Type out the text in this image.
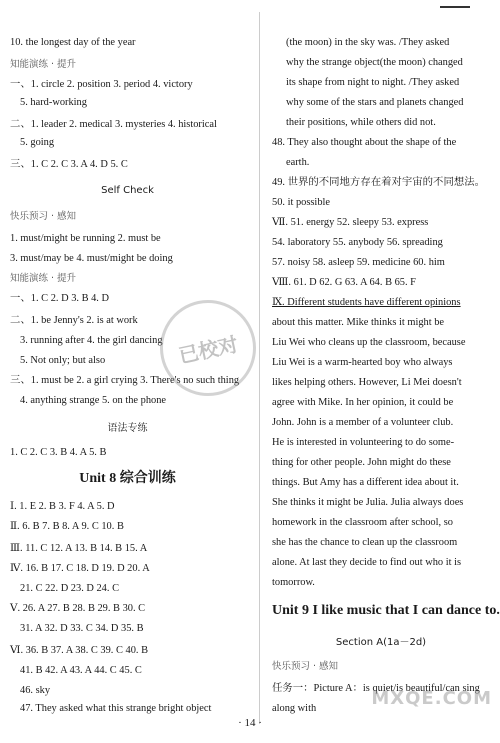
10. the longest day of the year
知能演练 · 提升
一、1. circle 2. position 3. period 4. victory
5. hard-working
二、1. leader 2. medical 3. mysteries 4. historical
5. going
三、1. C 2. C 3. A 4. D 5. C
Self Check
快乐预习 · 感知
1. must/might be running 2. must be
3. must/may be 4. must/might be doing
知能演练 · 提升
一、1. C 2. D 3. B 4. D
二、1. be Jenny's 2. is at work
3. running after 4. the girl dancing
5. Not only; but also
三、1. must be 2. a girl crying 3. There's no such thing
4. anything strange 5. on the phone
语法专练
1. C 2. C 3. B 4. A 5. B
Unit 8 综合训练
Ⅰ. 1. E 2. B 3. F 4. A 5. D
Ⅱ. 6. B 7. B 8. A 9. C 10. B
Ⅲ. 11. C 12. A 13. B 14. B 15. A
Ⅳ. 16. B 17. C 18. D 19. D 20. A
21. C 22. D 23. D 24. C
Ⅴ. 26. A 27. B 28. B 29. B 30. C
31. A 32. D 33. C 34. D 35. B
Ⅵ. 36. B 37. A 38. C 39. C 40. B
41. B 42. A 43. A 44. C 45. C
46. sky
47. They asked what this strange bright object
(the moon) in the sky was. /They asked
why the strange object(the moon) changed
its shape from night to night. /They asked
why some of the stars and planets changed
their positions, while others did not.
48. They also thought about the shape of the
earth.
49. 世界的不同地方存在着对宇宙的不同想法。
50. it possible
Ⅶ. 51. energy 52. sleepy 53. express
54. laboratory 55. anybody 56. spreading
57. noisy 58. asleep 59. medicine 60. him
Ⅷ. 61. D 62. G 63. A 64. B 65. F
Ⅸ. Different students have different opinions
about this matter. Mike thinks it might be
Liu Wei who cleans up the classroom, because
Liu Wei is a warm-hearted boy who always
likes helping others. However, Li Mei doesn't
agree with Mike. In her opinion, it could be
John. John is a member of a volunteer club.
He is interested in volunteering to do some-
thing for other people. John might do these
things. But Amy has a different idea about it.
She thinks it might be Julia. Julia always does
homework in the classroom after school, so
she has the chance to clean up the classroom
alone. At last they decide to find out who it is
tomorrow.
Unit 9 I like music that I can dance to.
Section A(1a－2d)
快乐预习 · 感知
任务一：Picture A：is quiet/is beautiful/can sing
along with
已校对
MXQE.COM
· 14 ·
